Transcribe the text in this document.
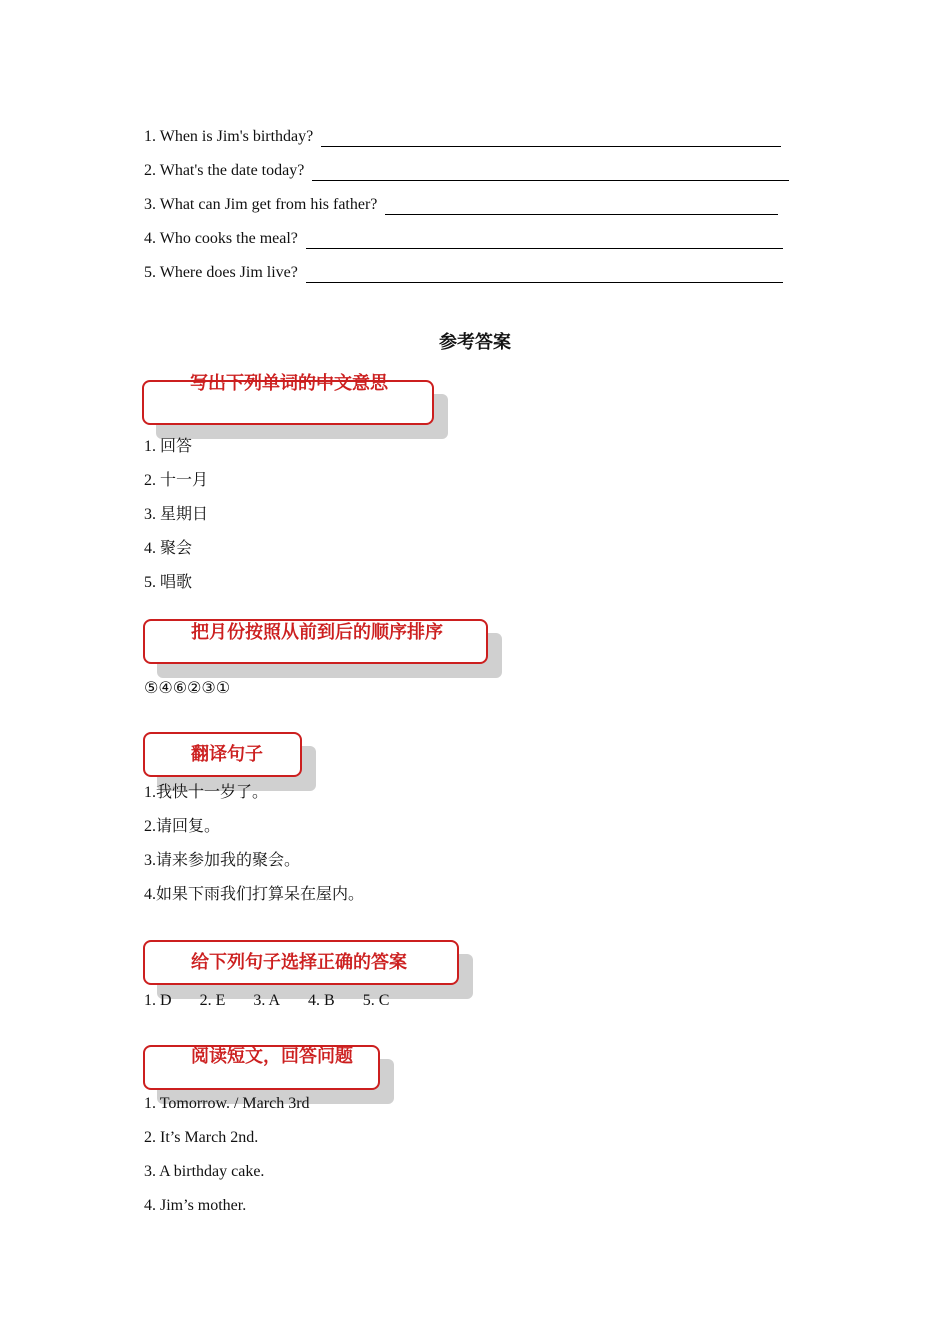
1. When is Jim's birthday?
2. What's the date today?
3. What can Jim get from his father?
4. Who cooks the meal?
5. Where does Jim live?
参考答案
写出下列单词的中文意思
1. 回答
2. 十一月
3. 星期日
4. 聚会
5. 唱歌
把月份按照从前到后的顺序排序
⑤④⑥②③①
翻译句子
1.我快十一岁了。
2.请回复。
3.请来参加我的聚会。
4.如果下雨我们打算呆在屋内。
给下列句子选择正确的答案
1. D 2. E 3. A 4. B 5. C
阅读短文，回答问题
1. Tomorrow. / March 3rd
2. It’s March 2nd.
3. A birthday cake.
4. Jim’s mother.
